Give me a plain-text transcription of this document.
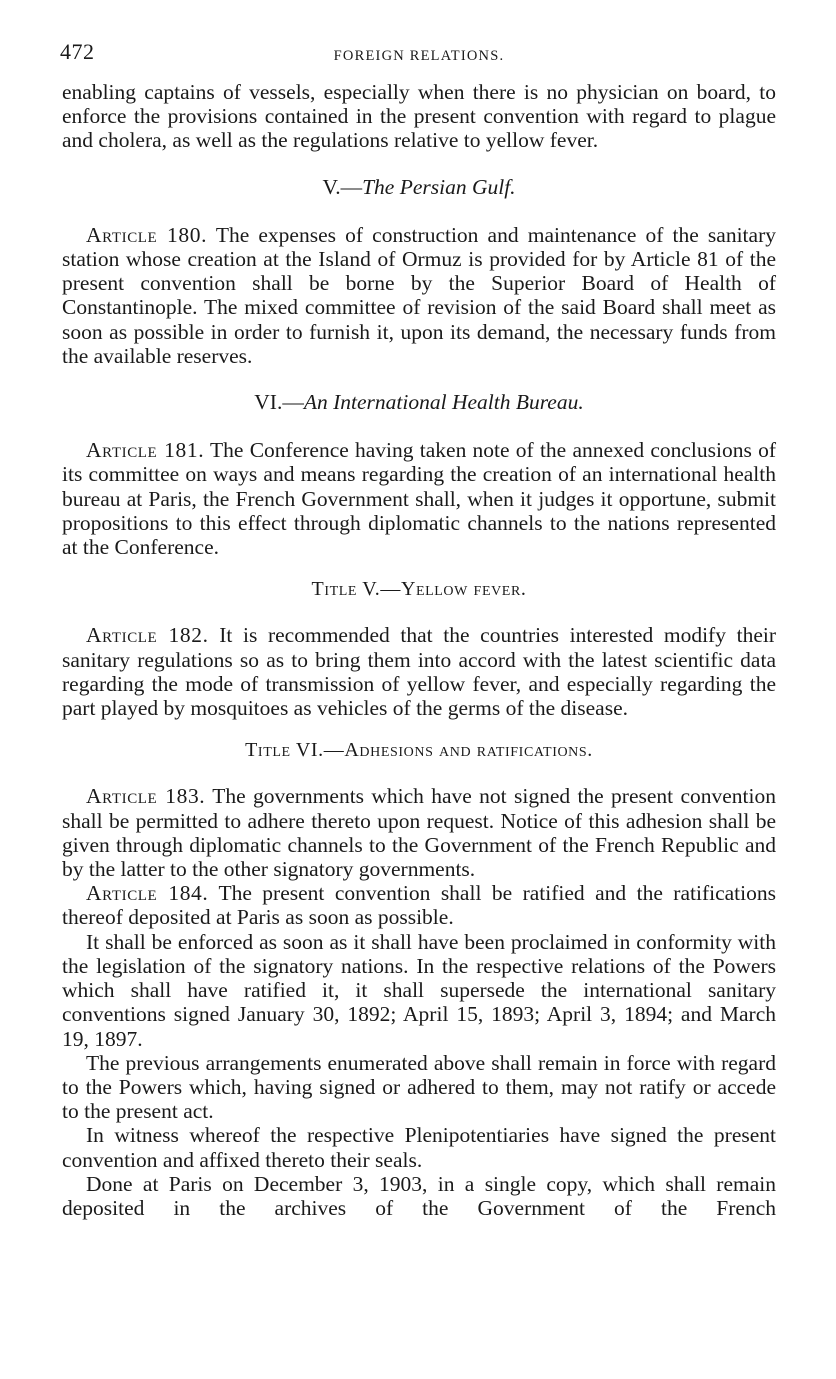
472	FOREIGN RELATIONS.

enabling captains of vessels, especially when there is no physician on board, to enforce the provisions contained in the present convention with regard to plague and cholera, as well as the regulations relative to yellow fever.

V.—The Persian Gulf.

Article 180. The expenses of construction and maintenance of the sanitary station whose creation at the Island of Ormuz is provided for by Article 81 of the present convention shall be borne by the Superior Board of Health of Constantinople. The mixed committee of revision of the said Board shall meet as soon as possible in order to furnish it, upon its demand, the necessary funds from the available reserves.

VI.—An International Health Bureau.

Article 181. The Conference having taken note of the annexed conclusions of its committee on ways and means regarding the creation of an international health bureau at Paris, the French Government shall, when it judges it opportune, submit propositions to this effect through diplomatic channels to the nations represented at the Conference.

Title V.—Yellow fever.

Article 182. It is recommended that the countries interested modify their sanitary regulations so as to bring them into accord with the latest scientific data regarding the mode of transmission of yellow fever, and especially regarding the part played by mosquitoes as vehicles of the germs of the disease.

Title VI.—Adhesions and ratifications.

Article 183. The governments which have not signed the present convention shall be permitted to adhere thereto upon request. Notice of this adhesion shall be given through diplomatic channels to the Government of the French Republic and by the latter to the other signatory governments.

Article 184. The present convention shall be ratified and the ratifications thereof deposited at Paris as soon as possible.

It shall be enforced as soon as it shall have been proclaimed in conformity with the legislation of the signatory nations. In the respective relations of the Powers which shall have ratified it, it shall supersede the international sanitary conventions signed January 30, 1892; April 15, 1893; April 3, 1894; and March 19, 1897.

The previous arrangements enumerated above shall remain in force with regard to the Powers which, having signed or adhered to them, may not ratify or accede to the present act.

In witness whereof the respective Plenipotentiaries have signed the present convention and affixed thereto their seals.

Done at Paris on December 3, 1903, in a single copy, which shall remain deposited in the archives of the Government of the French
